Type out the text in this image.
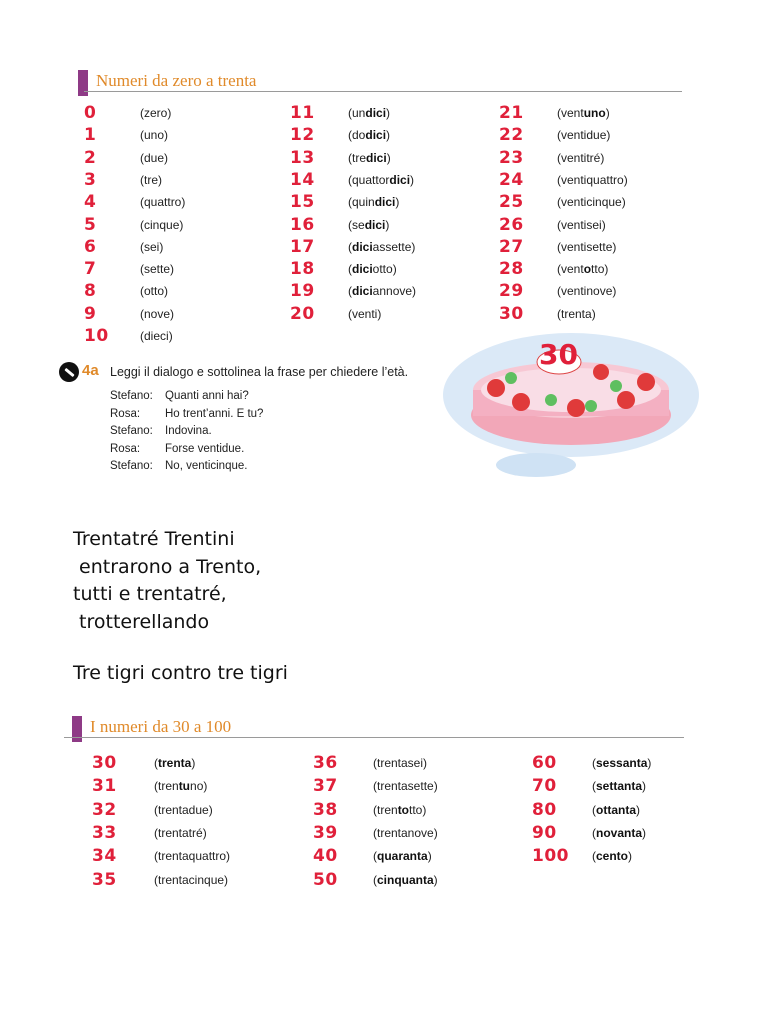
Numeri da zero a trenta
0	(zero)
1	(uno)
2	(due)
3	(tre)
4	(quattro)
5	(cinque)
6	(sei)
7	(sette)
8	(otto)
9	(nove)
10	(dieci)
11	(undici)
12	(dodici)
13	(tredici)
14	(quattordici)
15	(quindici)
16	(sedici)
17	(diciassette)
18	(diciotto)
19	(diciannove)
20	(venti)
21	(ventuno)
22	(ventidue)
23	(ventitré)
24	(ventiquattro)
25	(venticinque)
26	(ventisei)
27	(ventisette)
28	(ventotto)
29	(ventinove)
30	(trenta)
4a Leggi il dialogo e sottolinea la frase per chiedere l’età.
Stefano: Quanti anni hai?
Rosa: Ho trent’anni. E tu?
Stefano: Indovina.
Rosa: Forse ventidue.
Stefano: No, venticinque.
30
Trentatré Trentini
entrarono a Trento,
tutti e trentatré,
trotterellando
Tre tigri contro tre tigri
I numeri da 30 a 100
30	(trenta)
31	(trentuno)
32	(trentadue)
33	(trentatré)
34	(trentaquattro)
35	(trentacinque)
36	(trentasei)
37	(trentasette)
38	(trentotto)
39	(trentanove)
40	(quaranta)
50	(cinquanta)
60	(sessanta)
70	(settanta)
80	(ottanta)
90	(novanta)
100 (cento)
